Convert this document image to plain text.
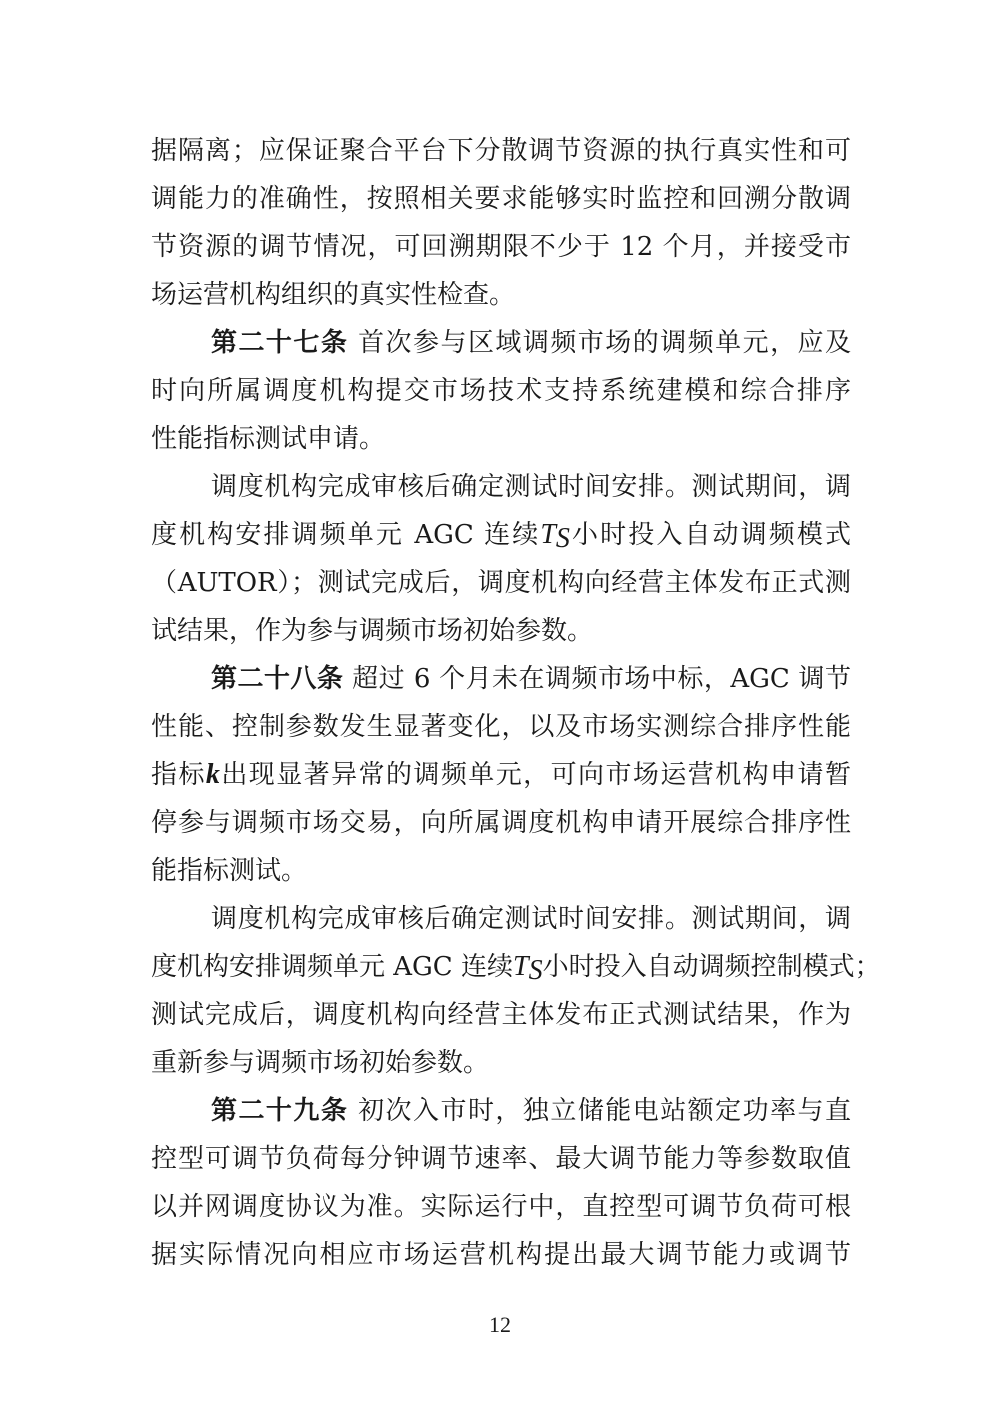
据隔离；应保证聚合平台下分散调节资源的执行真实性和可
调能力的准确性，按照相关要求能够实时监控和回溯分散调
节资源的调节情况，可回溯期限不少于 12 个月，并接受市
场运营机构组织的真实性检查。
第二十七条 首次参与区域调频市场的调频单元，应及
时向所属调度机构提交市场技术支持系统建模和综合排序
性能指标测试申请。
调度机构完成审核后确定测试时间安排。测试期间，调
度机构安排调频单元 AGC 连续$T_S$小时投入自动调频模式
（AUTOR）；测试完成后，调度机构向经营主体发布正式测
试结果，作为参与调频市场初始参数。
第二十八条 超过 6 个月未在调频市场中标，AGC 调节
性能、控制参数发生显著变化，以及市场实测综合排序性能
指标k出现显著异常的调频单元，可向市场运营机构申请暂
停参与调频市场交易，向所属调度机构申请开展综合排序性
能指标测试。
调度机构完成审核后确定测试时间安排。测试期间，调
度机构安排调频单元 AGC 连续$T_S$小时投入自动调频控制模式；
测试完成后，调度机构向经营主体发布正式测试结果，作为
重新参与调频市场初始参数。
第二十九条 初次入市时，独立储能电站额定功率与直
控型可调节负荷每分钟调节速率、最大调节能力等参数取值
以并网调度协议为准。实际运行中，直控型可调节负荷可根
据实际情况向相应市场运营机构提出最大调节能力或调节
12
